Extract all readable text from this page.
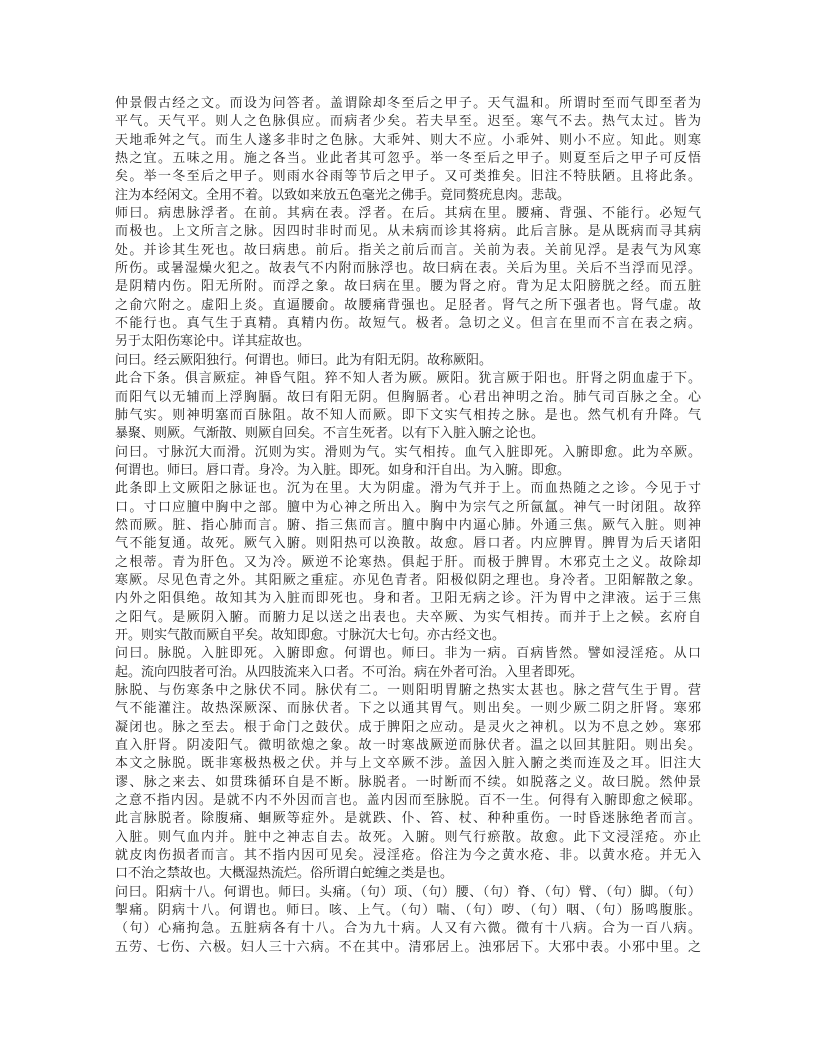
仲景假古经之文。而设为问答者。盖谓除却冬至后之甲子。天气温和。所谓时至而气即至者为
平气。天气平。则人之色脉俱应。而病者少矣。若夫早至。迟至。寒气不去。热气太过。皆为
天地乖舛之气。而生人遂多非时之色脉。大乖舛、则大不应。小乖舛、则小不应。知此。则寒
热之宜。五味之用。施之各当。业此者其可忽乎。举一冬至后之甲子。则夏至后之甲子可反悟
矣。举一冬至后之甲子。则雨水谷雨等节后之甲子。又可类推矣。旧注不特肤陋。且将此条。
注为本经闲文。全用不着。以致如来放五色毫光之佛手。竟同赘疣息肉。悲哉。
师曰。病患脉浮者。在前。其病在表。浮者。在后。其病在里。腰痛、背强、不能行。必短气
而极也。上文所言之脉。因四时非时而见。从未病而诊其将病。此后言脉。是从既病而寻其病
处。并诊其生死也。故曰病患。前后。指关之前后而言。关前为表。关前见浮。是表气为风寒
所伤。或暑湿燥火犯之。故表气不内附而脉浮也。故曰病在表。关后为里。关后不当浮而见浮。
是阴精内伤。阳无所附。而浮之象。故曰病在里。腰为肾之府。背为足太阳膀胱之经。而五脏
之俞穴附之。虚阳上炎。直逼腰俞。故腰痛背强也。足胫者。肾气之所下强者也。肾气虚。故
不能行也。真气生于真精。真精内伤。故短气。极者。急切之义。但言在里而不言在表之病。
另于太阳伤寒论中。详其症故也。
问曰。经云厥阳独行。何谓也。师曰。此为有阳无阴。故称厥阳。
此合下条。俱言厥症。神昏气阻。猝不知人者为厥。厥阳。犹言厥于阳也。肝肾之阴血虚于下。
而阳气以无辅而上浮胸膈。故曰有阳无阴。但胸膈者。心君出神明之治。肺气司百脉之全。心
肺气实。则神明塞而百脉阻。故不知人而厥。即下文实气相抟之脉。是也。然气机有升降。气
暴聚、则厥。气渐散、则厥自回矣。不言生死者。以有下入脏入腑之论也。
问曰。寸脉沉大而滑。沉则为实。滑则为气。实气相抟。血气入脏即死。入腑即愈。此为卒厥。
何谓也。师曰。唇口青。身冷。为入脏。即死。如身和汗自出。为入腑。即愈。
此条即上文厥阳之脉证也。沉为在里。大为阴虚。滑为气并于上。而血热随之之诊。今见于寸
口。寸口应膻中胸中之部。膻中为心神之所出入。胸中为宗气之所氤氲。神气一时闭阻。故猝
然而厥。脏、指心肺而言。腑、指三焦而言。膻中胸中内逼心肺。外通三焦。厥气入脏。则神
气不能复通。故死。厥气入腑。则阳热可以涣散。故愈。唇口者。内应脾胃。脾胃为后天诸阳
之根蒂。青为肝色。又为冷。厥逆不论寒热。俱起于肝。而极于脾胃。木邪克土之义。故除却
寒厥。尽见色青之外。其阳厥之重症。亦见色青者。阳极似阴之理也。身冷者。卫阳解散之象。
内外之阳俱绝。故知其为入脏而即死也。身和者。卫阳无病之诊。汗为胃中之津液。运于三焦
之阳气。是厥阴入腑。而腑力足以送之出表也。夫卒厥、为实气相抟。而并于上之候。玄府自
开。则实气散而厥自平矣。故知即愈。寸脉沉大七句。亦古经文也。
问曰。脉脱。入脏即死。入腑即愈。何谓也。师曰。非为一病。百病皆然。譬如浸淫疮。从口
起。流向四肢者可治。从四肢流来入口者。不可治。病在外者可治。入里者即死。
脉脱、与伤寒条中之脉伏不同。脉伏有二。一则阳明胃腑之热实太甚也。脉之营气生于胃。营
气不能灌注。故热深厥深、而脉伏者。下之以通其胃气。则出矣。一则少厥二阴之肝肾。寒邪
凝闭也。脉之至去。根于命门之鼓伏。成于脾阳之应动。是灵火之神机。以为不息之妙。寒邪
直入肝肾。阴凌阳气。微明欲熄之象。故一时寒战厥逆而脉伏者。温之以回其脏阳。则出矣。
本文之脉脱。既非寒极热极之伏。并与上文卒厥不涉。盖因入脏入腑之类而连及之耳。旧注大
谬、脉之来去、如贯珠循环自是不断。脉脱者。一时断而不续。如脱落之义。故曰脱。然仲景
之意不指内因。是就不内不外因而言也。盖内因而至脉脱。百不一生。何得有入腑即愈之候耶。
此言脉脱者。除腹痛、蛔厥等症外。是就跌、仆、笞、杖、种种重伤。一时昏迷脉绝者而言。
入脏。则气血内并。脏中之神志自去。故死。入腑。则气行瘀散。故愈。此下文浸淫疮。亦止
就皮肉伤损者而言。其不指内因可见矣。浸淫疮。俗注为今之黄水疮、非。以黄水疮。并无入
口不治之禁故也。大概湿热流烂。俗所谓白蛇缠之类是也。
问曰。阳病十八。何谓也。师曰。头痛。（句）项、（句）腰、（句）脊、（句）臂、（句）脚。（句）
掣痛。阴病十八。何谓也。师曰。咳、上气。（句）喘、（句）哕、（句）咽、（句）肠鸣腹胀。
（句）心痛拘急。五脏病各有十八。合为九十病。人又有六微。微有十八病。合为一百八病。
五劳、七伤、六极。妇人三十六病。不在其中。清邪居上。浊邪居下。大邪中表。小邪中里。之
